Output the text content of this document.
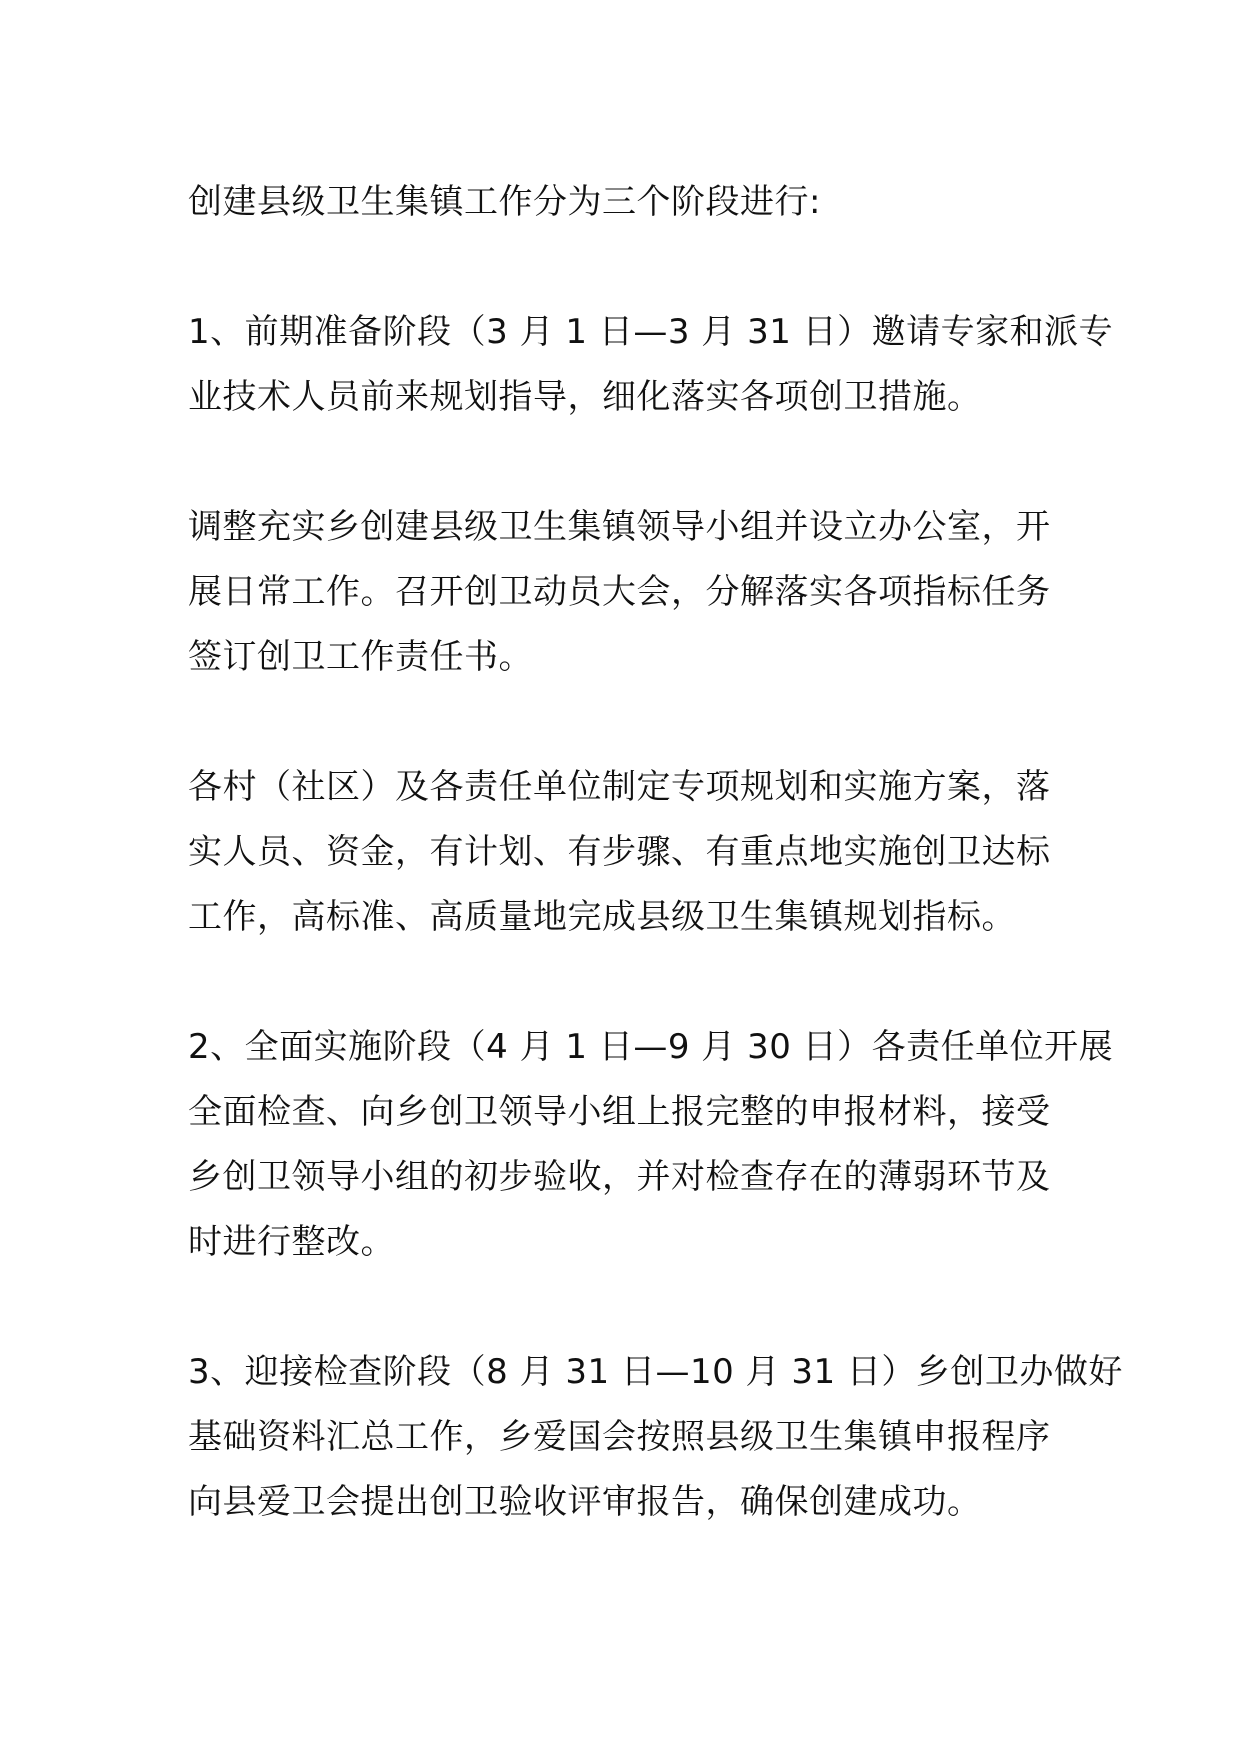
创建县级卫生集镇工作分为三个阶段进行:

1、前期准备阶段（3 月 1 日—3 月 31 日）邀请专家和派专
业技术人员前来规划指导，细化落实各项创卫措施。

调整充实乡创建县级卫生集镇领导小组并设立办公室，开
展日常工作。召开创卫动员大会，分解落实各项指标任务
签订创卫工作责任书。

各村（社区）及各责任单位制定专项规划和实施方案，落
实人员、资金，有计划、有步骤、有重点地实施创卫达标
工作，高标准、高质量地完成县级卫生集镇规划指标。

2、全面实施阶段（4 月 1 日—9 月 30 日）各责任单位开展
全面检查、向乡创卫领导小组上报完整的申报材料，接受
乡创卫领导小组的初步验收，并对检查存在的薄弱环节及
时进行整改。

3、迎接检查阶段（8 月 31 日—10 月 31 日）乡创卫办做好
基础资料汇总工作，乡爱国会按照县级卫生集镇申报程序
向县爱卫会提出创卫验收评审报告，确保创建成功。
